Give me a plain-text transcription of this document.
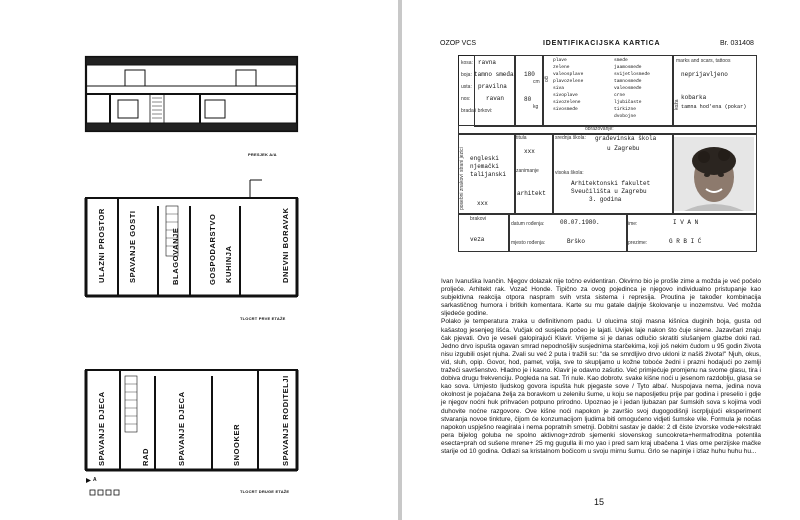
PRESJEK A/A
TLOCRT PRVE ETAŽE
TLOCRT DRUGE ETAŽE
A
ULAZNI PROSTOR	SPAVANJE GOSTI	BLAGOVANJE	GOSPODARSTVO KUHINJA	DNEVNI BORAVAK
SPAVANJE DJECA	RAD	SPAVANJE DJECA	SNOOKER	SPAVANJE RODITELJI
OZOP VCS	IDENTIFIKACIJSKA KARTICA	Br. 031408
kosa: ravna
boja: tamno smeđa
usta: pravilna
nos:	ravan
brada i brkovi:
180
cm
80
kg
oči
plave
zelene
valeosplave
plavozelene
siva
sivoplave
sivozelene
sivosmeđe
smeđe
jaamosmeđe
svijetlosmeđe
tamnosmeđe
valeosmeđe
crne
ljubičaste
tirkizne
dvobojne
marks and scars, tattoos
neprijavljeno
koža
kobarka
tamna hod'ena (pokar)
obrazovanje:
strani jezici engleski
njemački
talijanski
posebni znakovi xxx
titula
xxx
zanimanje
arhitekt
srednja škola: građevinska škola
u Zagrebu
visoka škola:
Arhitektonski fakultet
Sveučilišta u Zagrebu
3. godina
brakovi
veza
datum rođenja:	08.07.1980.
mjesto rođenja:	Brško
ime:	I V A N
prezime:	G R B I Ć

Ivan Ivanuška Ivančin. Njegov dolazak nije točno evidentiran. Okvirno bio je prošle zime a možda je već počelo proljeće. Arhitekt rak. Vozač Honde. Tipično za ovog pojedinca je njegovo individualno pristupanje kao subjektivna reakcija otpora naspram svih vrsta sistema i represija. Proutina je također kombinacija sarkastičnog humora i britkih komentara. Karte su mu gatale daljnje školovanje u inozemstvu. Već možda sljedeće godine.

Polako je temperatura zraka u definitivnom padu. U olucima stoji masna kišnica duginih boja, gusta od kašastog jesenjeg lišća. Vučjak od susjeda počeo je lajati. Uvijek laje nakon što čuje sirene. Jazavčari znaju čak pjevati. Ovo je veseli galopirajući Klavir. Vrijeme si je danas odlučio skratiti slušanjem glazbe doki rad. Jedno drvo ispušta ogavan smrad nepodnošljiv susjednima starčekima, koji još nekim čudom u 95 godin života nisu izgubili osjet njuha. Zvali su već 2 puta i tražili su: "da se smrdljivo drvo ukloni iz našiš života!" Njuh, okus, vid, sluh, opip. Govor, hod, pamet, volja, sve to skupljamo u kožne toboće žedni i prazni hodajući po zemlji tražeći savršenstvo. Hladno je i kasno. Klavir je odavno zašutio. Već primjećuje promjenu na svome glasu, tira i dobiva drugu frekvenciju. Pogleda na sat. Tri nule. Kao dobrotv. svake kišne noći u jesenom razdoblju, glasa se kao sova. Umjesto ljudskog govora ispušta huk pjegaste sove / Tyto alba/. Nuspojava nema, jedina nova okolnost je pojačana želja za boravkom u zelenilu šume, u koju se naposljetku prije par godina i preselio i gdje je njegov noćni huk prihvaćen potpuno prirodno. Upoznao je i jedan ljubazan par šumskih sova s kojima vodi duhovite noćne razgovore. Ove kišne noći napokon je završio svoj dugogodišnji iscrpljujući eksperiment stvaranja novoe tinkture, čijom će konzumacijom ljudima biti omogućeno vidjeti šumske vile. Formula je nočas napokon uspješno reagirala i nema popratnih smetnji. Dobitni sastav je dakle: 2 dl čiste izvorske vode+ekstrakt pera bijelog goluba ne spolno aktivnog+zdrob sjemenki slovenskog suncokreta+hermafroditna potentila esecta+prah od sušene mrene+ 25 mg gugulla ili mo yao i pred sam kraj ubačena 1 vlas ome perzijske mačke starije od 10 godina. Odlazi sa kristalnom bočicom u svoju mirnu šumu. Grlo se napinje i izlaz huhu huhu hu...

15
